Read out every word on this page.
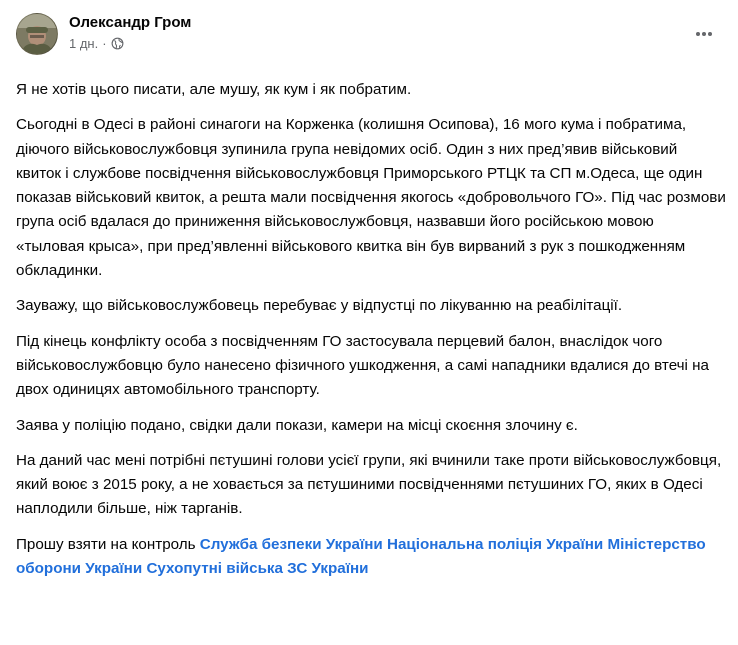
Олександр Гром
1 дн. ·

Я не хотів цього писати, але мушу, як кум і як побратим.

Сьогодні в Одесі в районі синагоги на Корженка (колишня Осипова), 16 мого кума і побратима, діючого військовослужбовця зупинила група невідомих осіб. Один з них пред’явив військовий квиток і службове посвідчення військовослужбовця Приморського РТЦК та СП м.Одеса, ще один показав військовий квиток, а решта мали посвідчення якогось «добровольчого ГО». Під час розмови група осіб вдалася до приниження військовослужбовця, назвавши його російською мовою «тыловая крыса», при пред’явленні військового квитка він був вирваний з рук з пошкодженням обкладинки.

Зауважу, що військовослужбовець перебуває у відпустці по лікуванню на реабілітації.

Під кінець конфлікту особа з посвідченням ГО застосувала перцевий балон, внаслідок чого військовослужбовцю було нанесено фізичного ушкодження, а самі нападники вдалися до втечі на двох одиницях автомобільного транспорту.

Заява у поліцію подано, свідки дали покази, камери на місці скоєння злочину є.

На даний час мені потрібні пєтушині голови усієї групи, які вчинили таке проти військовослужбовця, який воює з 2015 року, а не ховається за пєтушиними посвідченнями пєтушиних ГО, яких в Одесі наплодили більше, ніж тарганів.

Прошу взяти на контроль Служба безпеки України Національна поліція України Міністерство оборони України Сухопутні війська ЗС України
